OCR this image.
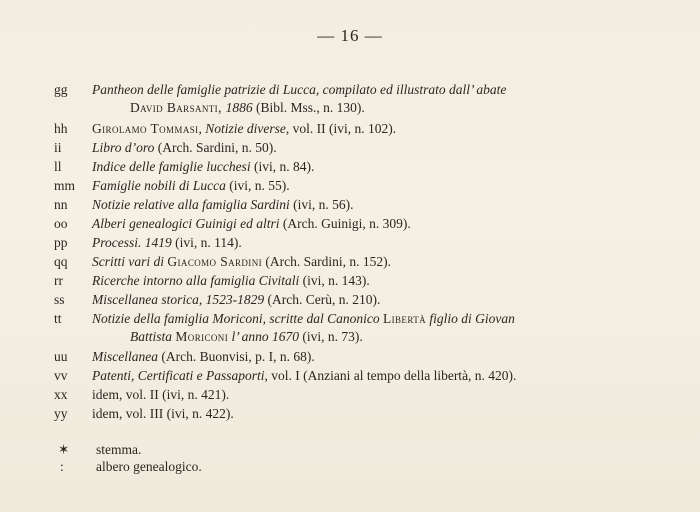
— 16 —
gg	Pantheon delle famiglie patrizie di Lucca, compilato ed illustrato dall’ abate
David Barsanti, 1886 (Bibl. Mss., n. 130).
hh	Girolamo Tommasi, Notizie diverse, vol. II (ivi, n. 102).
ii	Libro d’oro (Arch. Sardini, n. 50).
ll	Indice delle famiglie lucchesi (ivi, n. 84).
mm	Famiglie nobili di Lucca (ivi, n. 55).
nn	Notizie relative alla famiglia Sardini (ivi, n. 56).
oo	Alberi genealogici Guinigi ed altri (Arch. Guinigi, n. 309).
pp	Processi. 1419 (ivi, n. 114).
qq	Scritti vari di Giacomo Sardini (Arch. Sardini, n. 152).
rr	Ricerche intorno alla famiglia Civitali (ivi, n. 143).
ss	Miscellanea storica, 1523-1829 (Arch. Cerù, n. 210).
tt	Notizie della famiglia Moriconi, scritte dal Canonico Libertà figlio di Giovan
Battista Moriconi l’ anno 1670 (ivi, n. 73).
uu	Miscellanea (Arch. Buonvisi, p. I, n. 68).
vv	Patenti, Certificati e Passaporti, vol. I (Anziani al tempo della libertà, n. 420).
xx	idem, vol. II (ivi, n. 421).
yy	idem, vol. III (ivi, n. 422).
✶	stemma.
:	albero genealogico.
